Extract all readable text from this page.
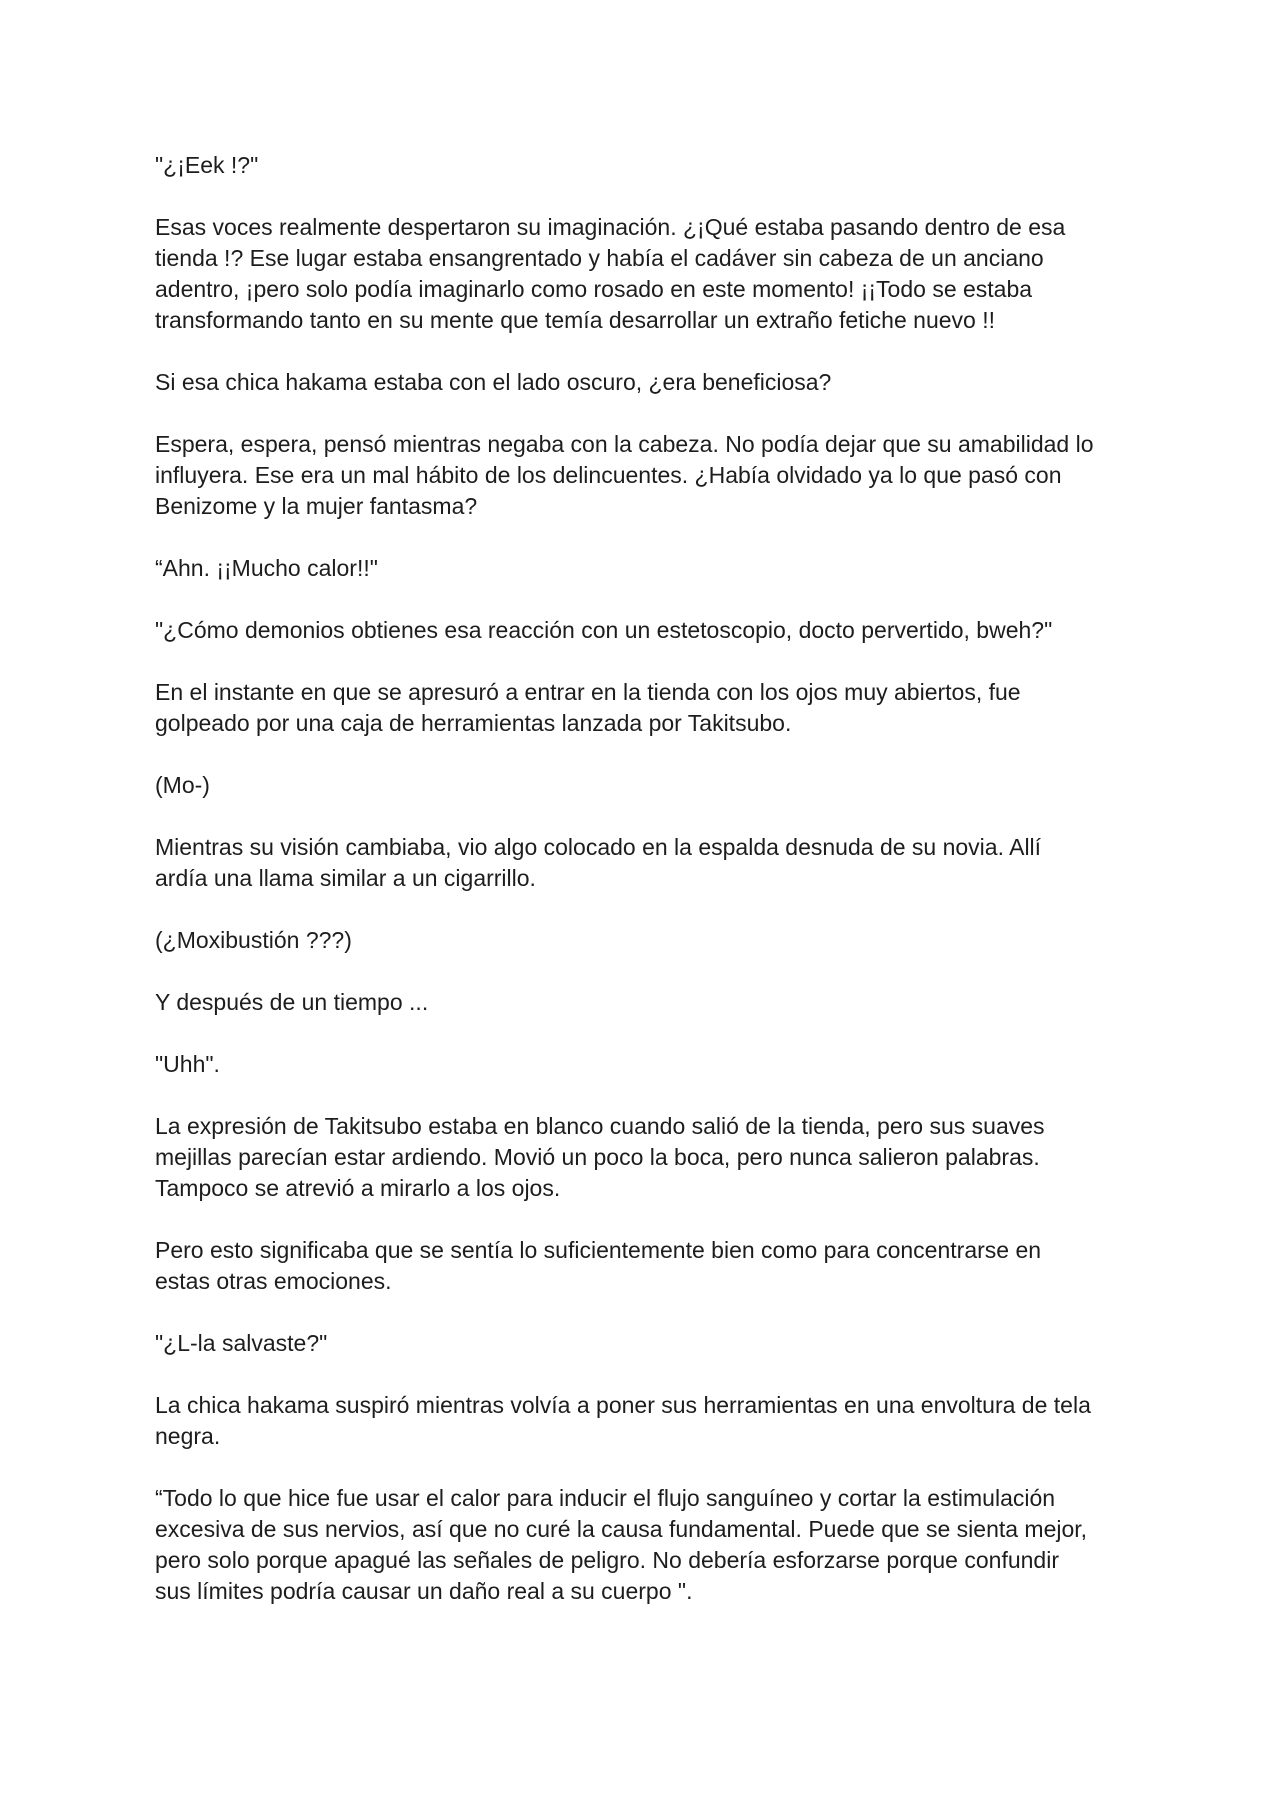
"¿¡Eek !?"

Esas voces realmente despertaron su imaginación. ¿¡Qué estaba pasando dentro de esa
tienda !? Ese lugar estaba ensangrentado y había el cadáver sin cabeza de un anciano
adentro, ¡pero solo podía imaginarlo como rosado en este momento! ¡¡Todo se estaba
transformando tanto en su mente que temía desarrollar un extraño fetiche nuevo !!

Si esa chica hakama estaba con el lado oscuro, ¿era beneficiosa?

Espera, espera, pensó mientras negaba con la cabeza. No podía dejar que su amabilidad lo
influyera. Ese era un mal hábito de los delincuentes. ¿Había olvidado ya lo que pasó con
Benizome y la mujer fantasma?

“Ahn. ¡¡Mucho calor!!"

"¿Cómo demonios obtienes esa reacción con un estetoscopio, docto pervertido, bweh?"

En el instante en que se apresuró a entrar en la tienda con los ojos muy abiertos, fue
golpeado por una caja de herramientas lanzada por Takitsubo.

(Mo-)

Mientras su visión cambiaba, vio algo colocado en la espalda desnuda de su novia. Allí
ardía una llama similar a un cigarrillo.

(¿Moxibustión ???)

Y después de un tiempo ...

"Uhh".

La expresión de Takitsubo estaba en blanco cuando salió de la tienda, pero sus suaves
mejillas parecían estar ardiendo. Movió un poco la boca, pero nunca salieron palabras.
Tampoco se atrevió a mirarlo a los ojos.

Pero esto significaba que se sentía lo suficientemente bien como para concentrarse en
estas otras emociones.

"¿L-la salvaste?"

La chica hakama suspiró mientras volvía a poner sus herramientas en una envoltura de tela
negra.

“Todo lo que hice fue usar el calor para inducir el flujo sanguíneo y cortar la estimulación
excesiva de sus nervios, así que no curé la causa fundamental. Puede que se sienta mejor,
pero solo porque apagué las señales de peligro. No debería esforzarse porque confundir
sus límites podría causar un daño real a su cuerpo ".
